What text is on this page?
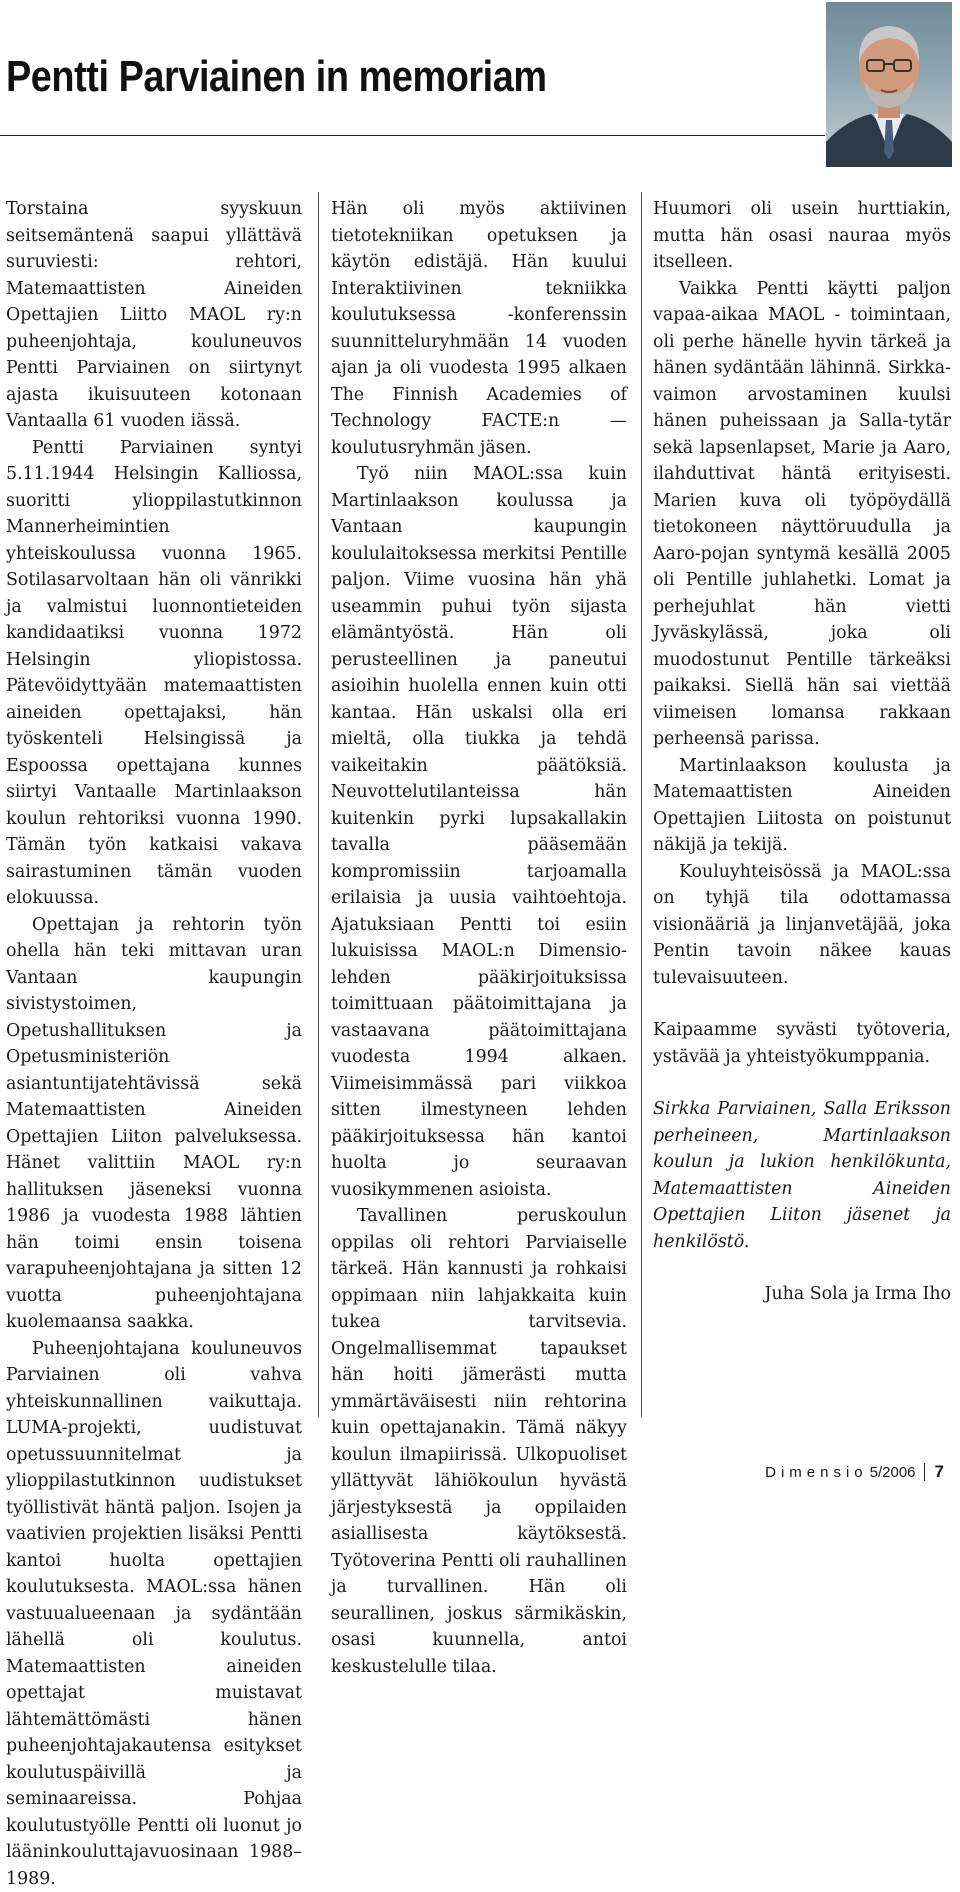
Pentti Parviainen in memoriam

Torstaina syyskuun seitsemäntenä saapui yllättävä suruviesti: rehtori, Matemaattisten Aineiden Opettajien Liitto MAOL ry:n puheenjohtaja, kouluneuvos Pentti Parviainen on siirtynyt ajasta ikuisuuteen kotonaan Vantaalla 61 vuoden iässä.

Pentti Parviainen syntyi 5.11.1944 Helsingin Kalliossa, suoritti ylioppilastutkinnon Mannerheimintien yhteiskoulussa vuonna 1965. Sotilasarvoltaan hän oli vänrikki ja valmistui luonnontieteiden kandidaatiksi vuonna 1972 Helsingin yliopistossa. Pätevöidyttyään matemaattisten aineiden opettajaksi, hän työskenteli Helsingissä ja Espoossa opettajana kunnes siirtyi Vantaalle Martinlaakson koulun rehtoriksi vuonna 1990. Tämän työn katkaisi vakava sairastuminen tämän vuoden elokuussa.

Opettajan ja rehtorin työn ohella hän teki mittavan uran Vantaan kaupungin sivistystoimen, Opetushallituksen ja Opetusministeriön asiantuntijatehtävissä sekä Matemaattisten Aineiden Opettajien Liiton palveluksessa. Hänet valittiin MAOL ry:n hallituksen jäseneksi vuonna 1986 ja vuodesta 1988 lähtien hän toimi ensin toisena varapuheenjohtajana ja sitten 12 vuotta puheenjohtajana kuolemaansa saakka.

Puheenjohtajana kouluneuvos Parviainen oli vahva yhteiskunnallinen vaikuttaja. LUMA-projekti, uudistuvat opetussuunnitelmat ja ylioppilastutkinnon uudistukset työllistivät häntä paljon. Isojen ja vaativien projektien lisäksi Pentti kantoi huolta opettajien koulutuksesta. MAOL:ssa hänen vastuualueenaan ja sydäntään lähellä oli koulutus. Matemaattisten aineiden opettajat muistavat lähtemättömästi hänen puheenjohtajakautensa esitykset koulutuspäivillä ja seminaareissa. Pohjaa koulutustyölle Pentti oli luonut jo lääninkouluttajavuosinaan 1988–1989.

Hän oli myös aktiivinen tietotekniikan opetuksen ja käytön edistäjä. Hän kuului Interaktiivinen tekniikka koulutuksessa -konferenssin suunnitteluryhmään 14 vuoden ajan ja oli vuodesta 1995 alkaen The Finnish Academies of Technology FACTE:n — koulutusryhmän jäsen.

Työ niin MAOL:ssa kuin Martinlaakson koulussa ja Vantaan kaupungin koululaitoksessa merkitsi Pentille paljon. Viime vuosina hän yhä useammin puhui työn sijasta elämäntyöstä. Hän oli perusteellinen ja paneutui asioihin huolella ennen kuin otti kantaa. Hän uskalsi olla eri mieltä, olla tiukka ja tehdä vaikeitakin päätöksiä. Neuvottelutilanteissa hän kuitenkin pyrki lupsakallakin tavalla pääsemään kompromissiin tarjoamalla erilaisia ja uusia vaihtoehtoja. Ajatuksiaan Pentti toi esiin lukuisissa MAOL:n Dimensio-lehden pääkirjoituksissa toimittuaan päätoimittajana ja vastaavana päätoimittajana vuodesta 1994 alkaen. Viimeisimmässä pari viikkoa sitten ilmestyneen lehden pääkirjoituksessa hän kantoi huolta jo seuraavan vuosikymmenen asioista.

Tavallinen peruskoulun oppilas oli rehtori Parviaiselle tärkeä. Hän kannusti ja rohkaisi oppimaan niin lahjakkaita kuin tukea tarvitsevia. Ongelmallisemmat tapaukset hän hoiti jämerästi mutta ymmärtäväisesti niin rehtorina kuin opettajanakin. Tämä näkyy koulun ilmapiirissä. Ulkopuoliset yllättyvät lähiökoulun hyvästä järjestyksestä ja oppilaiden asiallisesta käytöksestä. Työtoverina Pentti oli rauhallinen ja turvallinen. Hän oli seurallinen, joskus särmikäskin, osasi kuunnella, antoi keskustelulle tilaa.

Huumori oli usein hurttiakin, mutta hän osasi nauraa myös itselleen.

Vaikka Pentti käytti paljon vapaa-aikaa MAOL - toimintaan, oli perhe hänelle hyvin tärkeä ja hänen sydäntään lähinnä. Sirkka-vaimon arvostaminen kuulsi hänen puheissaan ja Salla-tytär sekä lapsenlapset, Marie ja Aaro, ilahduttivat häntä erityisesti. Marien kuva oli työpöydällä tietokoneen näyttöruudulla ja Aaro-pojan syntymä kesällä 2005 oli Pentille juhlahetki. Lomat ja perhejuhlat hän vietti Jyväskylässä, joka oli muodostunut Pentille tärkeäksi paikaksi. Siellä hän sai viettää viimeisen lomansa rakkaan perheensä parissa.

Martinlaakson koulusta ja Matemaattisten Aineiden Opettajien Liitosta on poistunut näkijä ja tekijä.

Kouluyhteisössä ja MAOL:ssa on tyhjä tila odottamassa visionääriä ja linjanvetäjää, joka Pentin tavoin näkee kauas tulevaisuuteen.

Kaipaamme syvästi työtoveria, ystävää ja yhteistyökumppania.

Sirkka Parviainen, Salla Eriksson perheineen, Martinlaakson koulun ja lukion henkilökunta, Matemaattisten Aineiden Opettajien Liiton jäsenet ja henkilöstö.

Juha Sola ja Irma Iho

Dimensio 5/2006 7
